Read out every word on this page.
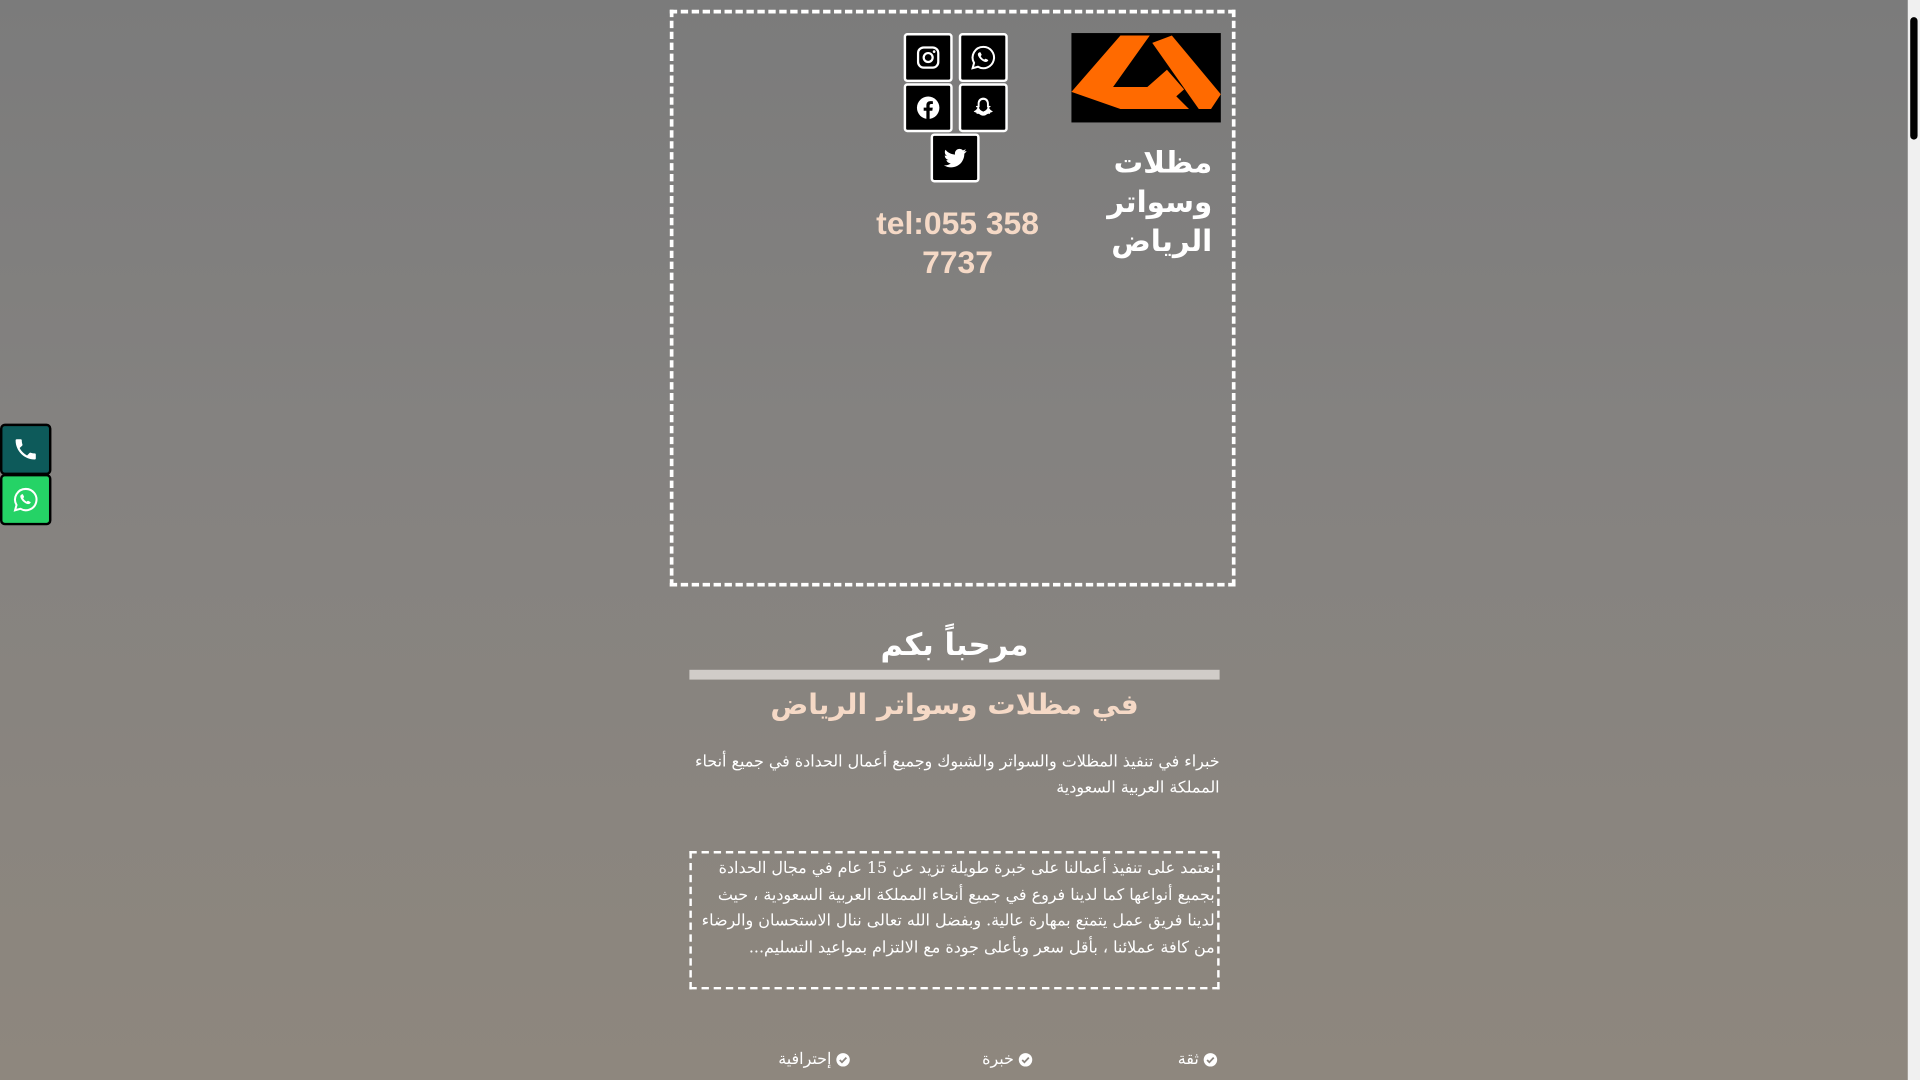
مظلات وسواتر الرياض
tel:055 358 7737
مرحباً بكم
في مظلات وسواتر الرياض
خبراء في تنفيذ المظلات والسواتر والشبوك وجميع أعمال الحدادة في جميع أنحاء المملكة العربية السعودية
نعتمد على تنفيذ أعمالنا على خبرة طويلة تزيد عن 15 عام في مجال الحدادة بجميع أنواعها كما لدينا فروع في جميع أنحاء المملكة العربية السعودية ، حيث لدينا فريق عمل يتمتع بمهارة عالية. وبفضل الله تعالى ننال الاستحسان والرضاء من كافة عملائنا ، بأقل سعر وبأعلى جودة مع الالتزام بمواعيد التسليم...
ثقة
خبرة
إحترافية
